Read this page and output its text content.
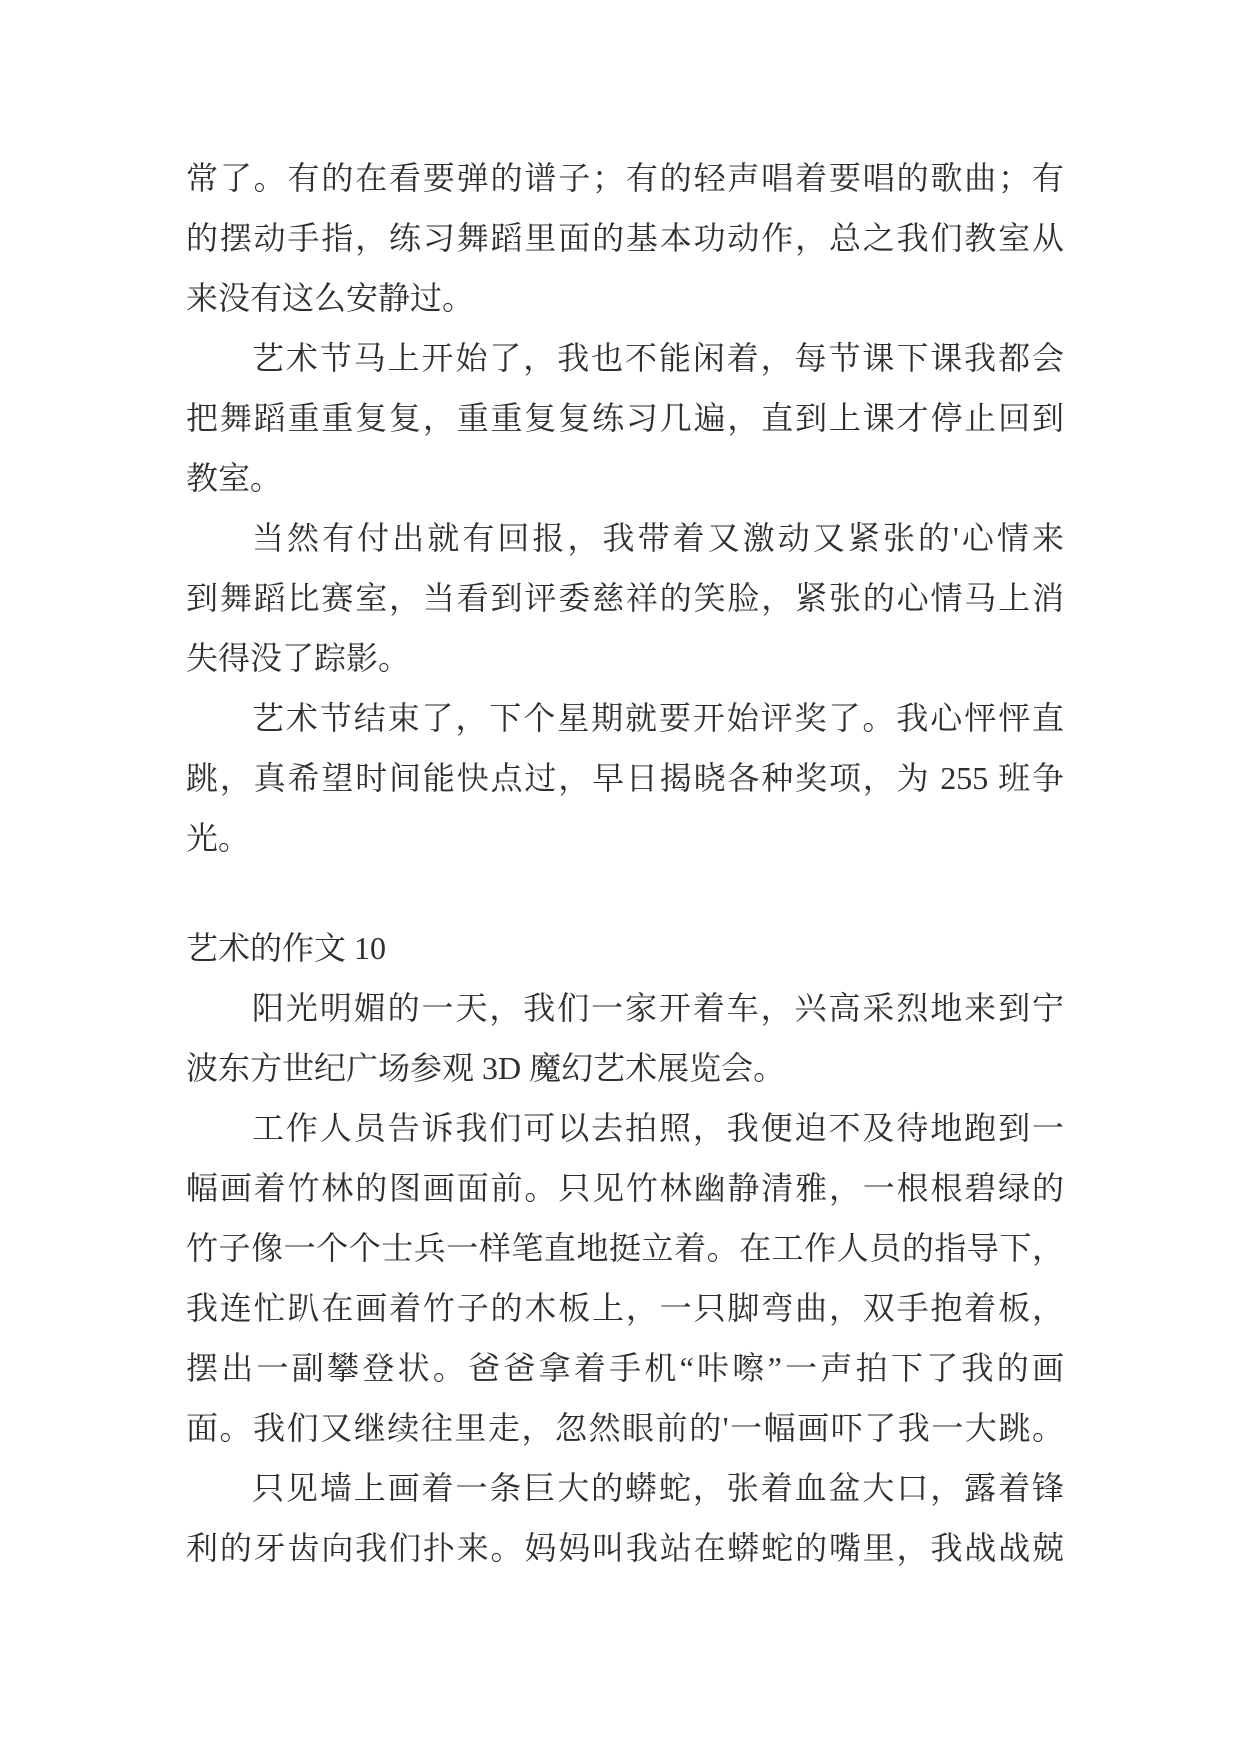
常了。有的在看要弹的谱子；有的轻声唱着要唱的歌曲；有
的摆动手指，练习舞蹈里面的基本功动作，总之我们教室从
来没有这么安静过。
艺术节马上开始了，我也不能闲着，每节课下课我都会
把舞蹈重重复复，重重复复练习几遍，直到上课才停止回到
教室。
当然有付出就有回报，我带着又激动又紧张的'心情来
到舞蹈比赛室，当看到评委慈祥的笑脸，紧张的心情马上消
失得没了踪影。
艺术节结束了，下个星期就要开始评奖了。我心怦怦直
跳，真希望时间能快点过，早日揭晓各种奖项，为 255 班争
光。
艺术的作文 10
阳光明媚的一天，我们一家开着车，兴高采烈地来到宁
波东方世纪广场参观 3D 魔幻艺术展览会。
工作人员告诉我们可以去拍照，我便迫不及待地跑到一
幅画着竹林的图画面前。只见竹林幽静清雅，一根根碧绿的
竹子像一个个士兵一样笔直地挺立着。在工作人员的指导下，
我连忙趴在画着竹子的木板上，一只脚弯曲，双手抱着板，
摆出一副攀登状。爸爸拿着手机“咔嚓”一声拍下了我的画
面。我们又继续往里走，忽然眼前的'一幅画吓了我一大跳。
只见墙上画着一条巨大的蟒蛇，张着血盆大口，露着锋
利的牙齿向我们扑来。妈妈叫我站在蟒蛇的嘴里，我战战兢
